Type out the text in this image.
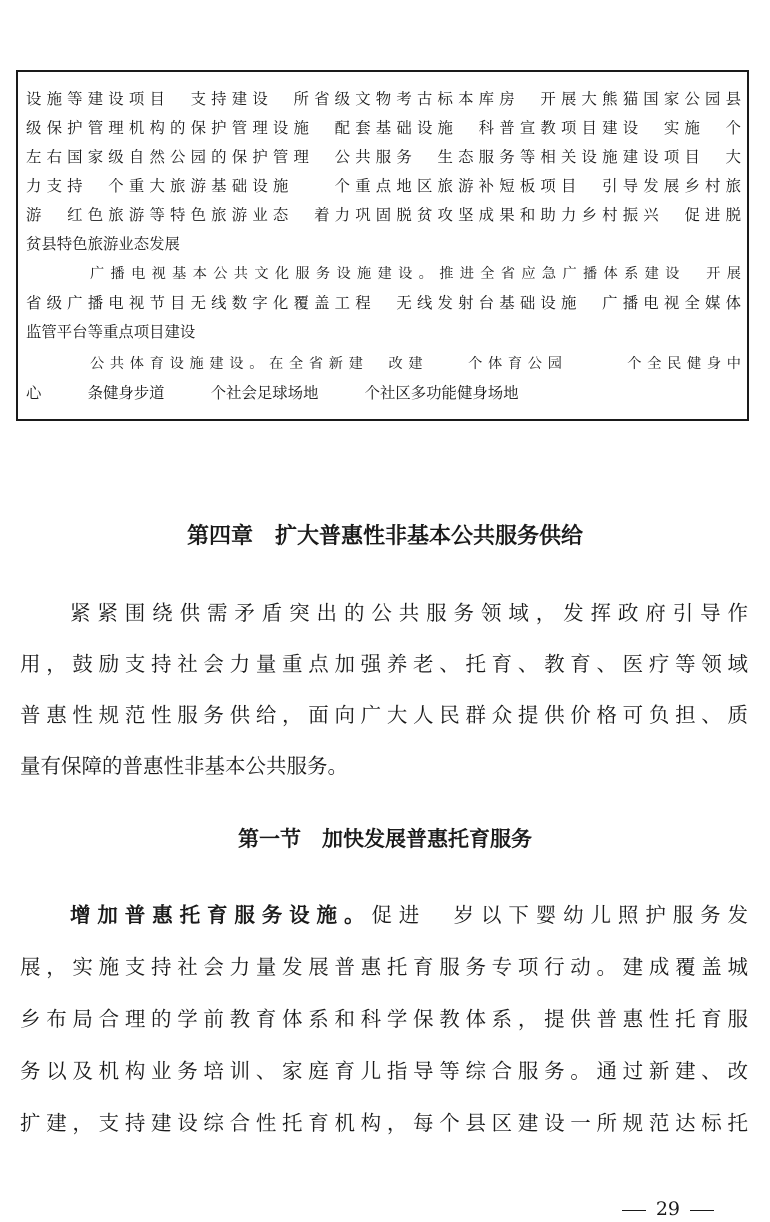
设施等建设项目　支持建设　所省级文物考古标本库房　开展大熊猫国家公园县
级保护管理机构的保护管理设施　配套基础设施　科普宣教项目建设　实施　个
左右国家级自然公园的保护管理　公共服务　生态服务等相关设施建设项目　大
力支持　个重大旅游基础设施　　个重点地区旅游补短板项目　引导发展乡村旅
游　红色旅游等特色旅游业态　着力巩固脱贫攻坚成果和助力乡村振兴　促进脱
贫县特色旅游业态发展
广播电视基本公共文化服务设施建设。推进全省应急广播体系建设　开展
省级广播电视节目无线数字化覆盖工程　无线发射台基础设施　广播电视全媒体
监管平台等重点项目建设
公共体育设施建设。在全省新建　改建　　个体育公园　　　个全民健身中
心　　　条健身步道　　　个社会足球场地　　　个社区多功能健身场地
第四章　扩大普惠性非基本公共服务供给
紧紧围绕供需矛盾突出的公共服务领域，发挥政府引导作
用，鼓励支持社会力量重点加强养老、托育、教育、医疗等领域
普惠性规范性服务供给，面向广大人民群众提供价格可负担、质
量有保障的普惠性非基本公共服务。
第一节　加快发展普惠托育服务
增加普惠托育服务设施。促进　岁以下婴幼儿照护服务发
展，实施支持社会力量发展普惠托育服务专项行动。建成覆盖城
乡布局合理的学前教育体系和科学保教体系，提供普惠性托育服
务以及机构业务培训、家庭育儿指导等综合服务。通过新建、改
扩建，支持建设综合性托育机构，每个县区建设一所规范达标托

29
